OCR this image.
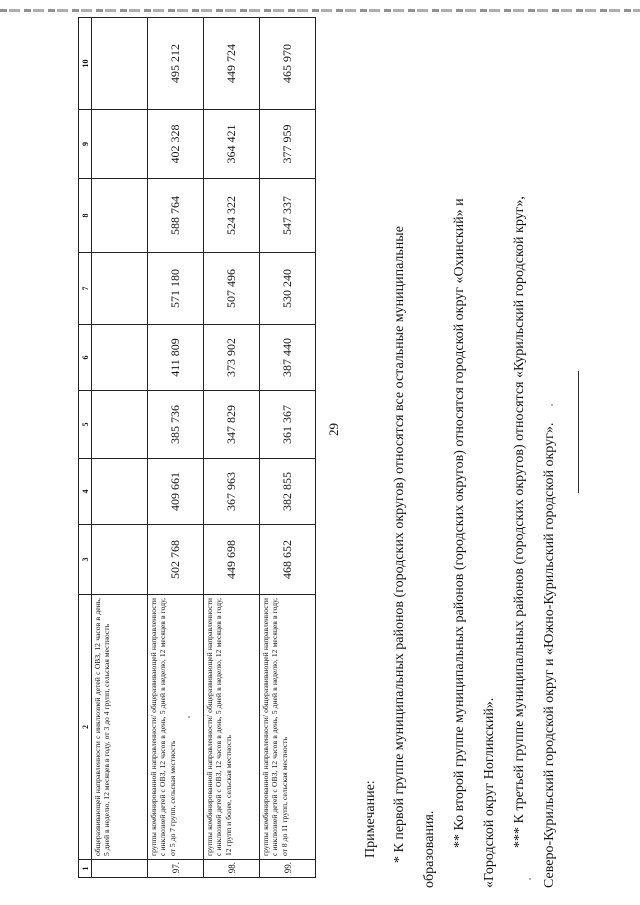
1	2	3	4	5	6	7	8	9	10
	общеразвивающей направленности с инклюзией детей с ОВЗ, 12 часов в день, 5 дней в неделю, 12 месяцев в году, от 3 до 4 групп, сельская местность								
97.	группы комбинированной направленности/ общеразвивающей направленности с инклюзией детей с ОВЗ, 12 часов в день, 5 дней в неделю, 12 месяцев в году, от 5 до 7 групп, сельская местность	502 768	409 661	385 736	411 809	571 180	588 764	402 328	495 212
98.	группы комбинированной направленности/ общеразвивающей направленности с инклюзией детей с ОВЗ, 12 часов в день, 5 дней в неделю, 12 месяцев в году, 12 групп и более, сельская местность	449 698	367 963	347 829	373 902	507 496	524 322	364 421	449 724
99.	группы комбинированной направленности/ общеразвивающей направленности с инклюзией детей с ОВЗ, 12 часов в день, 5 дней в неделю, 12 месяцев в году, от 8 до 11 групп, сельская местность	468 652	382 855	361 367	387 440	530 240	547 337	377 959	465 970
29
Примечание: * К первой группе муниципальных районов (городских округов) относятся все остальные муниципальные образования.
** Ко второй группе муниципальных районов (городских округов) относятся городской округ «Охинский» и «Городской округ Ногликский». *** К третьей группе муниципальных районов (городских округов) относятся «Курильский городской круг», Северо-Курильский городской округ и «Южно-Курильский городской округ».
